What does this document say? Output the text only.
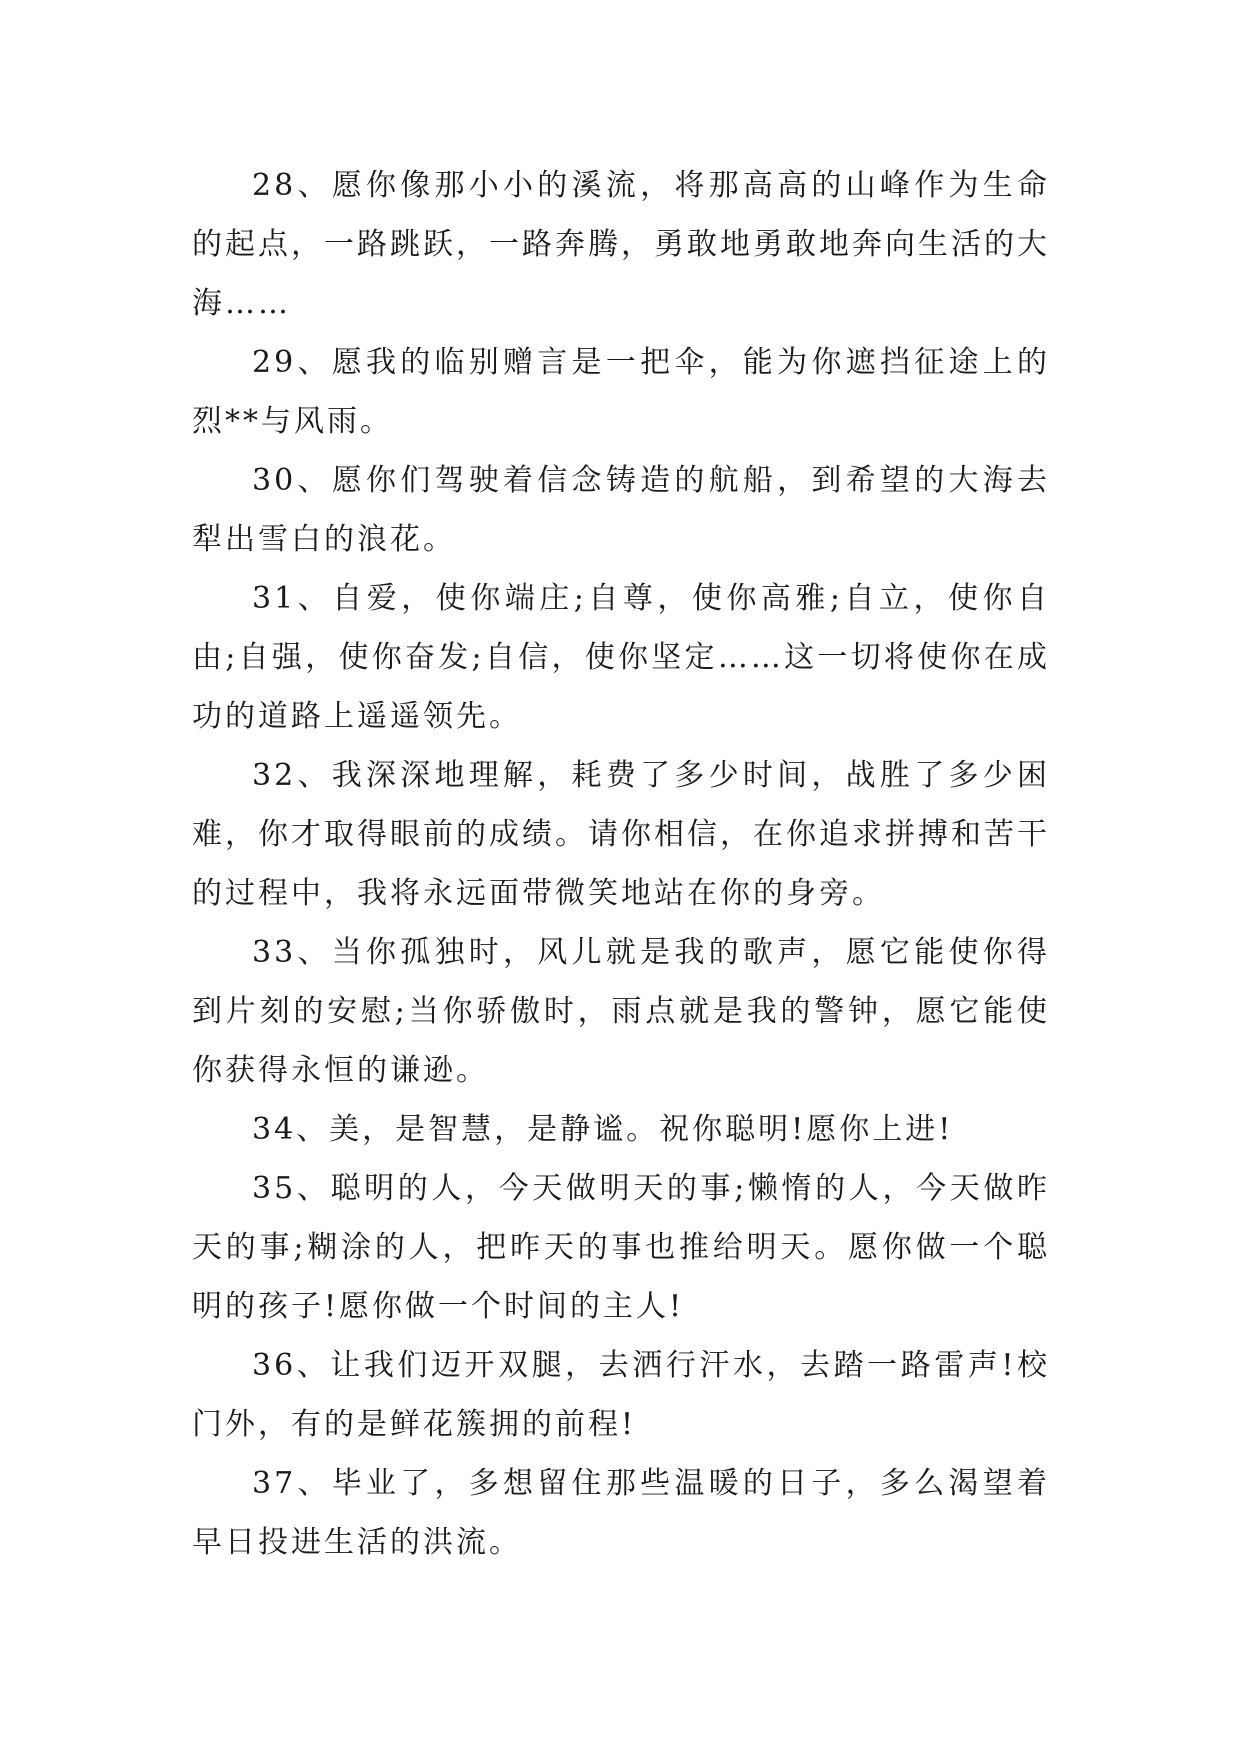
28、愿你像那小小的溪流，将那高高的山峰作为生命的起点，一路跳跃，一路奔腾，勇敢地勇敢地奔向生活的大海……

29、愿我的临别赠言是一把伞，能为你遮挡征途上的烈**与风雨。

30、愿你们驾驶着信念铸造的航船，到希望的大海去犁出雪白的浪花。

31、自爱，使你端庄;自尊，使你高雅;自立，使你自由;自强，使你奋发;自信，使你坚定……这一切将使你在成功的道路上遥遥领先。

32、我深深地理解，耗费了多少时间，战胜了多少困难，你才取得眼前的成绩。请你相信，在你追求拼搏和苦干的过程中，我将永远面带微笑地站在你的身旁。

33、当你孤独时，风儿就是我的歌声，愿它能使你得到片刻的安慰;当你骄傲时，雨点就是我的警钟，愿它能使你获得永恒的谦逊。

34、美，是智慧，是静谧。祝你聪明!愿你上进!

35、聪明的人，今天做明天的事;懒惰的人，今天做昨天的事;糊涂的人，把昨天的事也推给明天。愿你做一个聪明的孩子!愿你做一个时间的主人!

36、让我们迈开双腿，去洒行汗水，去踏一路雷声!校门外，有的是鲜花簇拥的前程!

37、毕业了，多想留住那些温暖的日子，多么渴望着早日投进生活的洪流。
